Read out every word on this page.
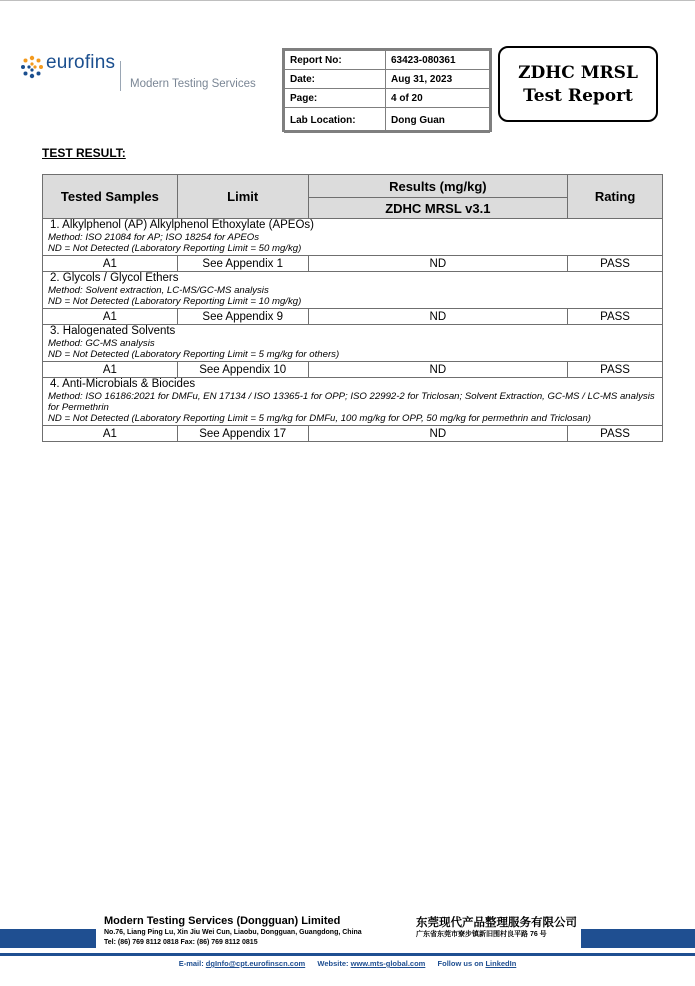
eurofins
Modern Testing Services
Report No:	63423-080361
Date:	Aug 31, 2023
Page:	4 of 20
Lab Location:	Dong Guan
ZDHC MRSL
Test Report
TEST RESULT:
Tested Samples	Limit	Results (mg/kg)	Rating
		ZDHC MRSL v3.1	

1. Alkylphenol (AP) Alkylphenol Ethoxylate (APEOs)
Method: ISO 21084 for AP; ISO 18254 for APEOs
ND = Not Detected (Laboratory Reporting Limit = 50 mg/kg)			

A1	See Appendix 1	ND	PASS

2. Glycols / Glycol Ethers
Method: Solvent extraction, LC-MS/GC-MS analysis
ND = Not Detected (Laboratory Reporting Limit = 10 mg/kg)			

A1	See Appendix 9	ND	PASS

3. Halogenated Solvents
Method: GC-MS analysis
ND = Not Detected (Laboratory Reporting Limit = 5 mg/kg for others)			

A1	See Appendix 10	ND	PASS

4. Anti-Microbials & Biocides
Method: ISO 16186:2021 for DMFu, EN 17134 / ISO 13365-1 for OPP; ISO 22992-2 for Triclosan; Solvent Extraction, GC-MS / LC-MS analysis for Permethrin
ND = Not Detected (Laboratory Reporting Limit = 5 mg/kg for DMFu, 100 mg/kg for OPP, 50 mg/kg for permethrin and Triclosan)			

A1	See Appendix 17	ND	PASS
Modern Testing Services (Dongguan) Limited	东莞现代产品整理服务有限公司
No.76, Liang Ping Lu, Xin Jiu Wei Cun, Liaobu, Dongguan, Guangdong, China	广东省东莞市寮步镇新旧围村良平路 76 号
Tel: (86) 769 8112 0818 Fax: (86) 769 8112 0815
E-mail: dgInfo@cpt.eurofinscn.com Website: www.mts-global.com Follow us on LinkedIn
